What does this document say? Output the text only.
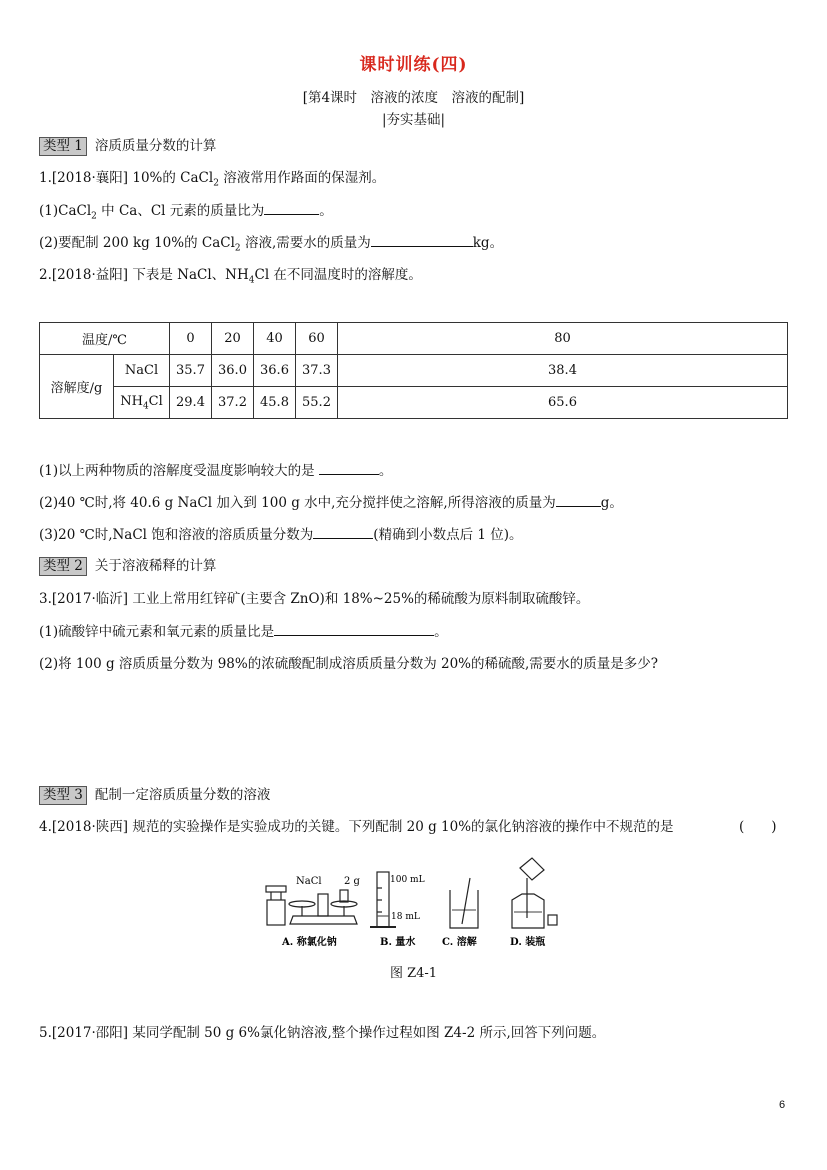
课时训练(四)
[第4课时　溶液的浓度　溶液的配制]
|夯实基础|
类型 1 溶质质量分数的计算
1.[2018·襄阳] 10%的 CaCl$_2$ 溶液常用作路面的保湿剂。
(1)CaCl$_2$ 中 Ca、Cl 元素的质量比为	。
(2)要配制 200 kg 10%的 CaCl$_2$ 溶液,需要水的质量为	kg。
2.[2018·益阳] 下表是 NaCl、$NH_4Cl$ 在不同温度时的溶解度。
温度/℃		0	20	40	60	80
溶解度/g	NaCl	35.7	36.0	36.6	37.3	38.4
	$NH_4Cl$	29.4	37.2	45.8	55.2	65.6
(1)以上两种物质的溶解度受温度影响较大的是	。
(2)40 ℃时,将 40.6 g NaCl 加入到 100 g 水中,充分搅拌使之溶解,所得溶液的质量为	g。
(3)20 ℃时,NaCl 饱和溶液的溶质质量分数为	(精确到小数点后 1 位)。
类型 2 关于溶液稀释的计算
3.[2017·临沂] 工业上常用红锌矿(主要含 ZnO)和 18%~25%的稀硫酸为原料制取硫酸锌。
(1)硫酸锌中硫元素和氧元素的质量比是	。
(2)将 100 g 溶质质量分数为 98%的浓硫酸配制成溶质质量分数为 20%的稀硫酸,需要水的质量是多少?
类型 3 配制一定溶质质量分数的溶液
4.[2018·陕西] 规范的实验操作是实验成功的关键。下列配制 20 g 10%的氯化钠溶液的操作中不规范的是	(　　)
NaCl 2 g	100 mL
18 mL
A. 称氯化钠	B. 量水	C. 溶解	D. 装瓶
图 Z4-1
5.[2017·邵阳] 某同学配制 50 g 6%氯化钠溶液,整个操作过程如图 Z4-2 所示,回答下列问题。
6
